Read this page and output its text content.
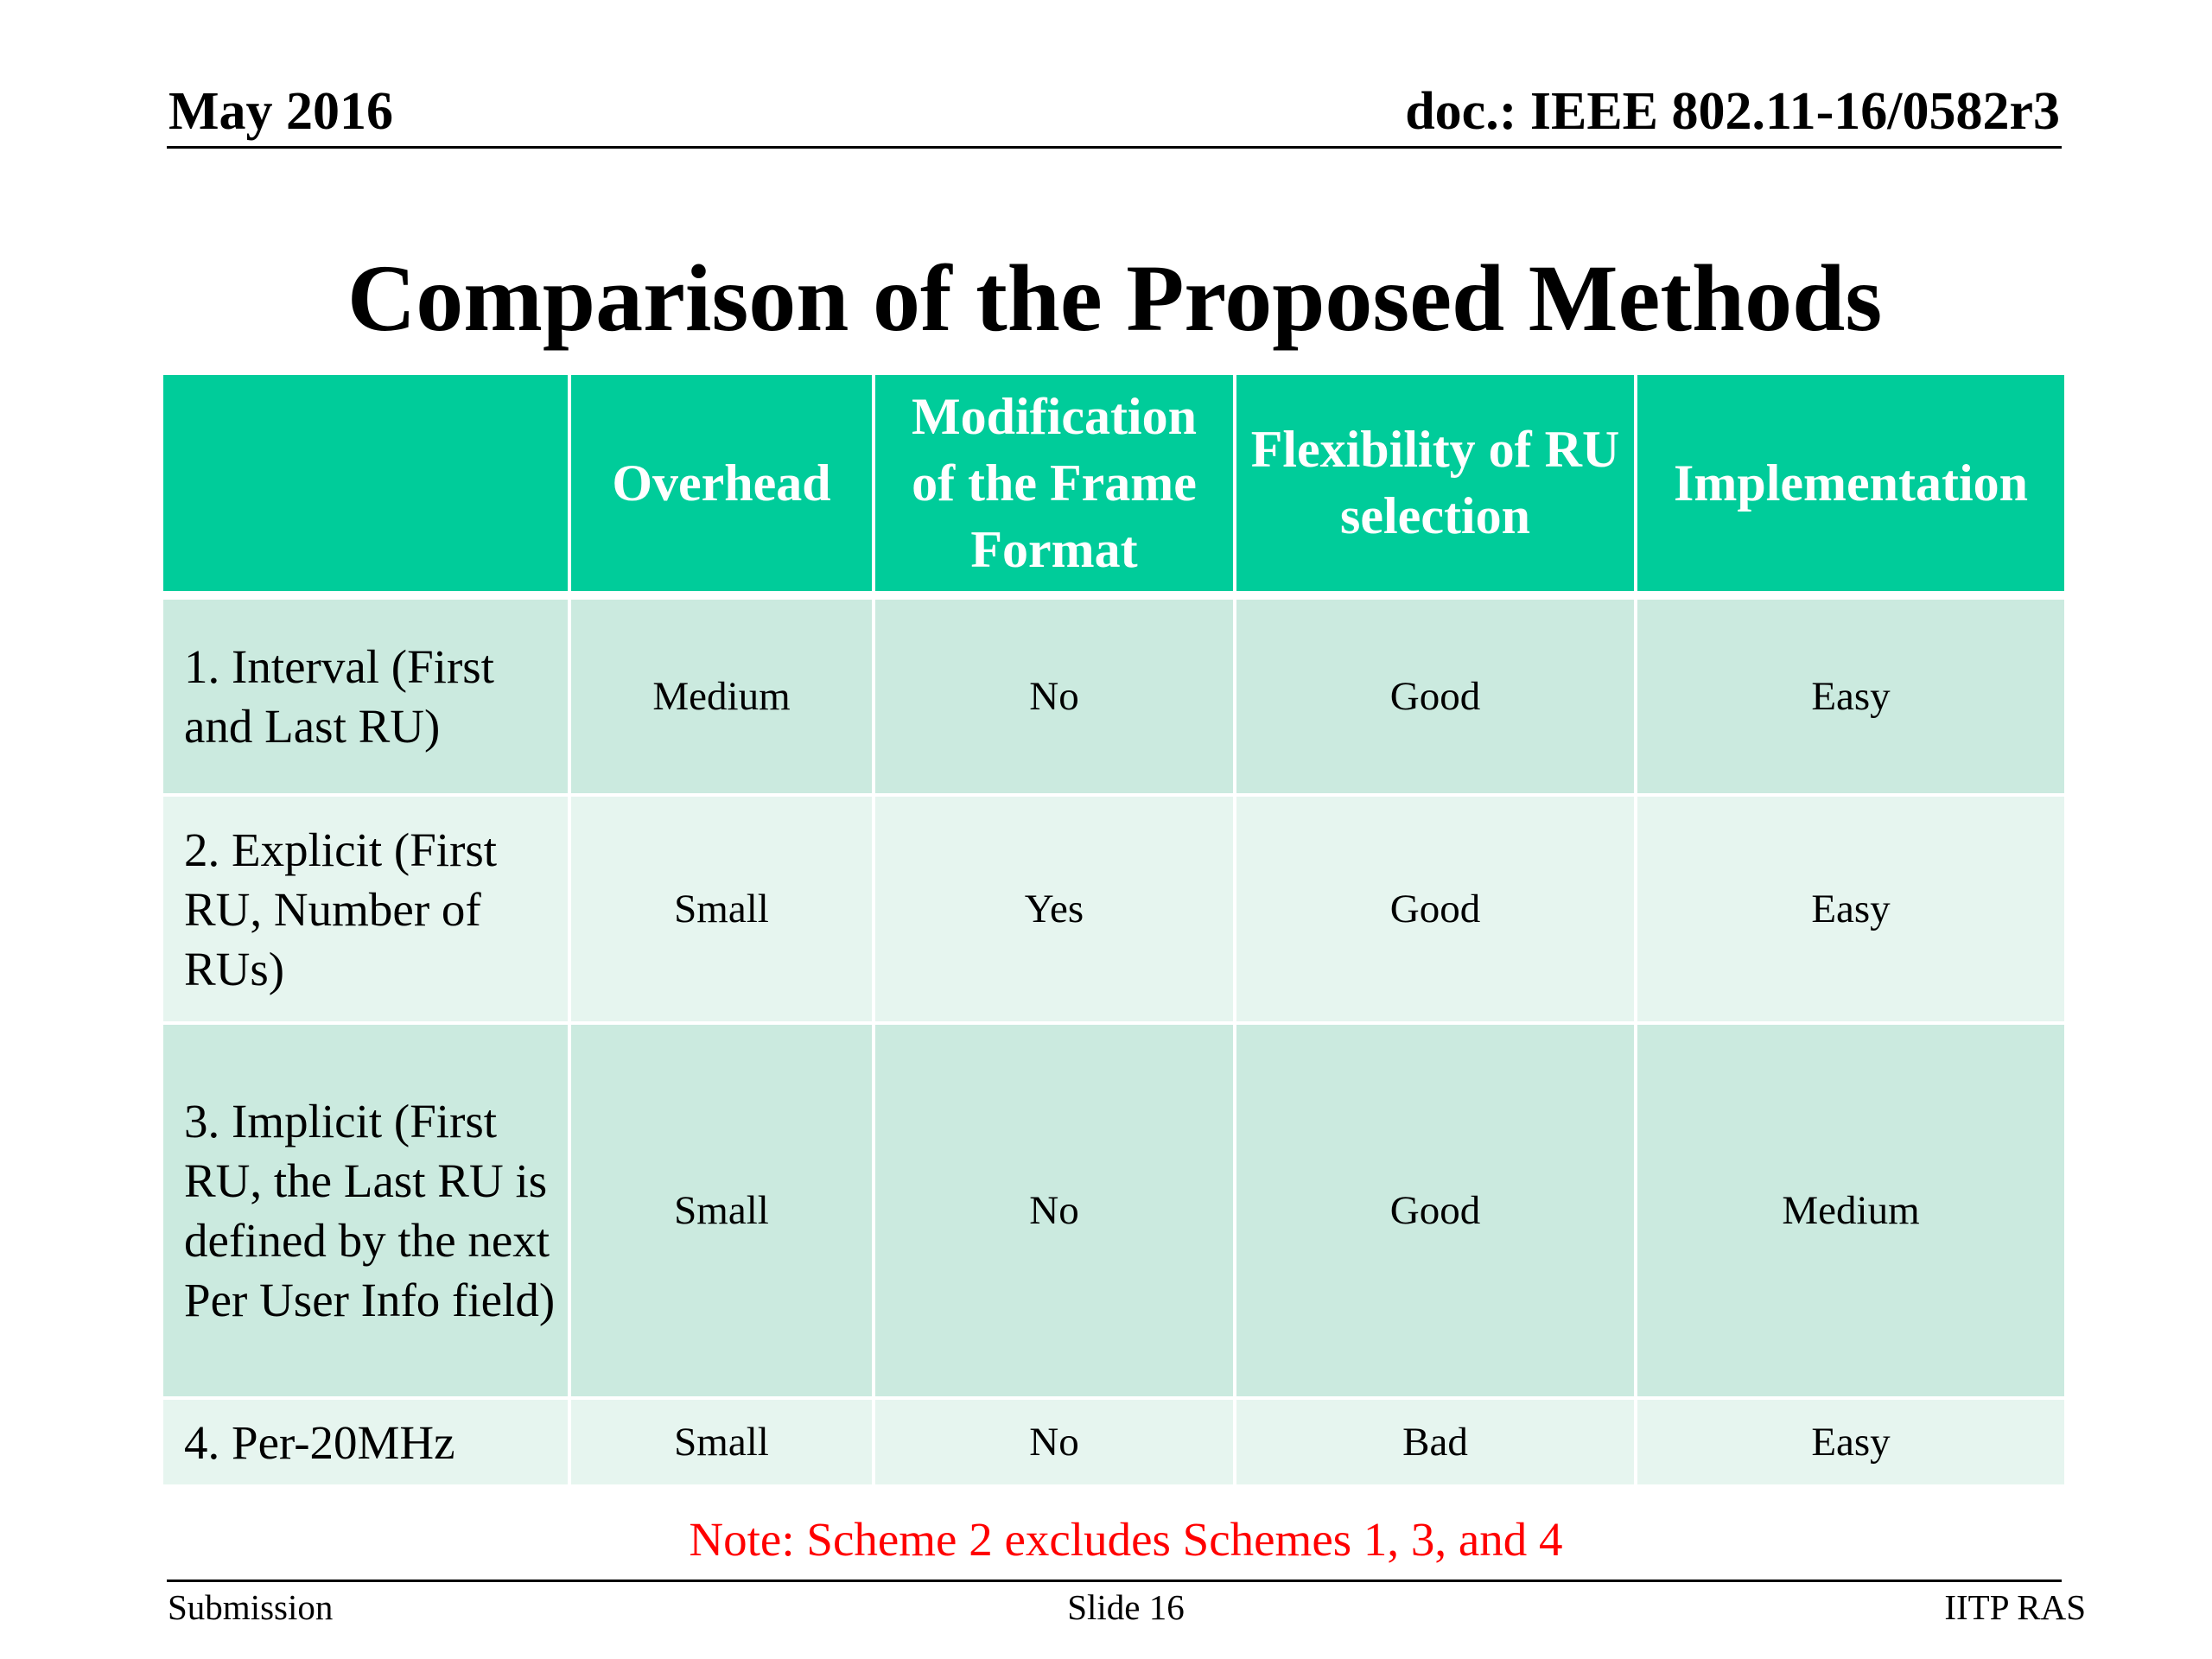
May 2016	doc.: IEEE 802.11-16/0582r3
Comparison of the Proposed Methods
	Overhead	Modification of the Frame Format	Flexibility of RU selection	Implementation
1. Interval (First and Last RU)	Medium	No	Good	Easy
2. Explicit (First RU, Number of RUs)	Small	Yes	Good	Easy
3. Implicit (First RU, the Last RU is defined by the next Per User Info field)	Small	No	Good	Medium
4. Per-20MHz	Small	No	Bad	Easy
Note: Scheme 2 excludes Schemes 1, 3, and 4
Submission	Slide 16	IITP RAS
